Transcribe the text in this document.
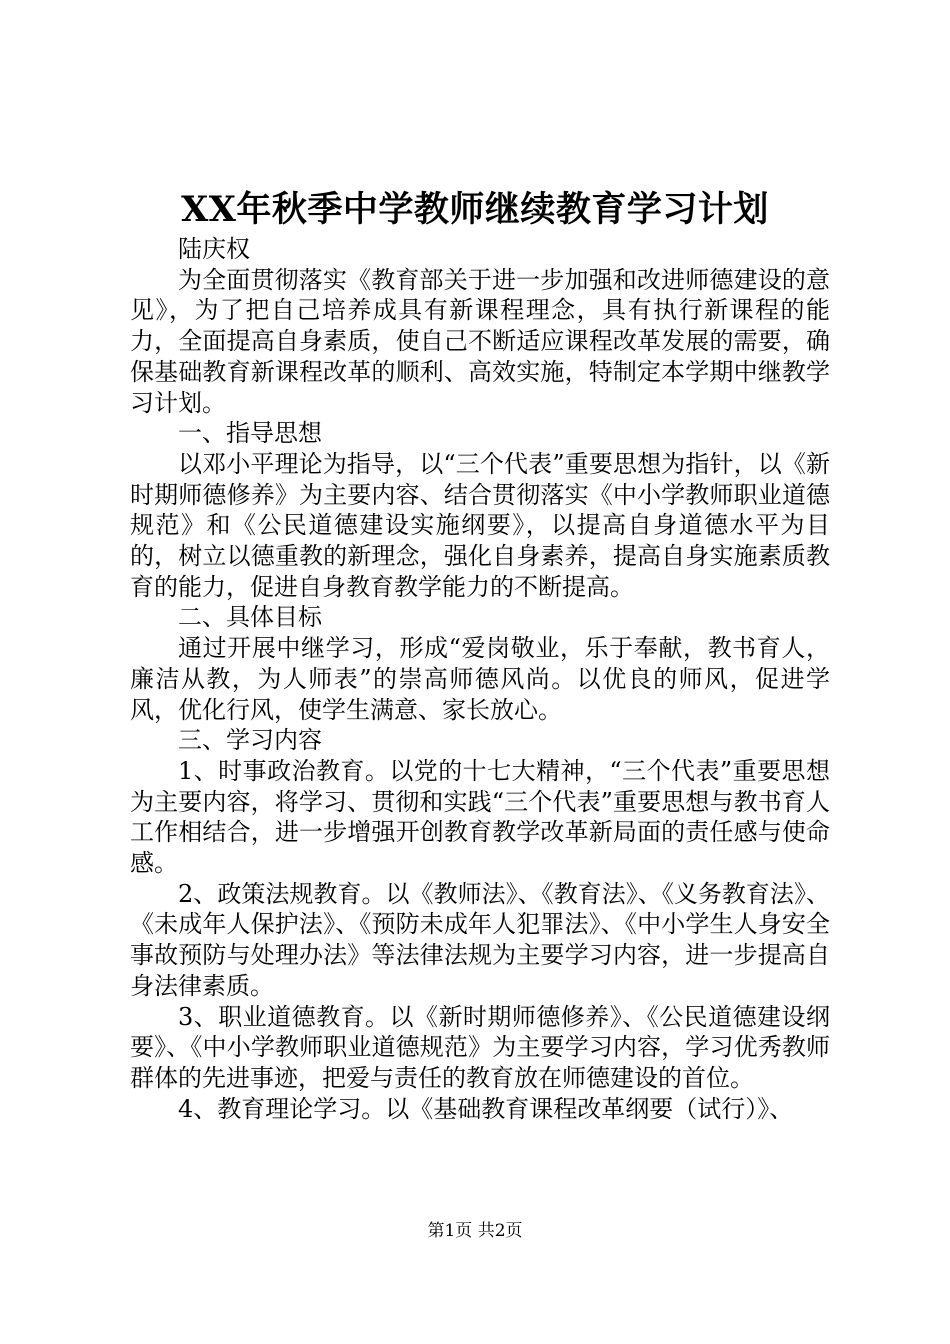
XX年秋季中学教师继续教育学习计划

陆庆权

为全面贯彻落实《教育部关于进一步加强和改进师德建设的意见》，为了把自己培养成具有新课程理念，具有执行新课程的能力，全面提高自身素质，使自己不断适应课程改革发展的需要，确保基础教育新课程改革的顺利、高效实施，特制定本学期中继教学习计划。

一、指导思想

以邓小平理论为指导，以“三个代表”重要思想为指针，以《新时期师德修养》为主要内容、结合贯彻落实《中小学教师职业道德规范》和《公民道德建设实施纲要》，以提高自身道德水平为目的，树立以德重教的新理念，强化自身素养，提高自身实施素质教育的能力，促进自身教育教学能力的不断提高。

二、具体目标

通过开展中继学习，形成“爱岗敬业，乐于奉献，教书育人，廉洁从教，为人师表”的崇高师德风尚。以优良的师风，促进学风，优化行风，使学生满意、家长放心。

三、学习内容

1、时事政治教育。以党的十七大精神，“三个代表”重要思想为主要内容，将学习、贯彻和实践“三个代表”重要思想与教书育人工作相结合，进一步增强开创教育教学改革新局面的责任感与使命感。

2、政策法规教育。以《教师法》、《教育法》、《义务教育法》、《未成年人保护法》、《预防未成年人犯罪法》、《中小学生人身安全事故预防与处理办法》等法律法规为主要学习内容，进一步提高自身法律素质。

3、职业道德教育。以《新时期师德修养》、《公民道德建设纲要》、《中小学教师职业道德规范》为主要学习内容，学习优秀教师群体的先进事迹，把爱与责任的教育放在师德建设的首位。

4、教育理论学习。以《基础教育课程改革纲要（试行）》、

第1页 共2页
